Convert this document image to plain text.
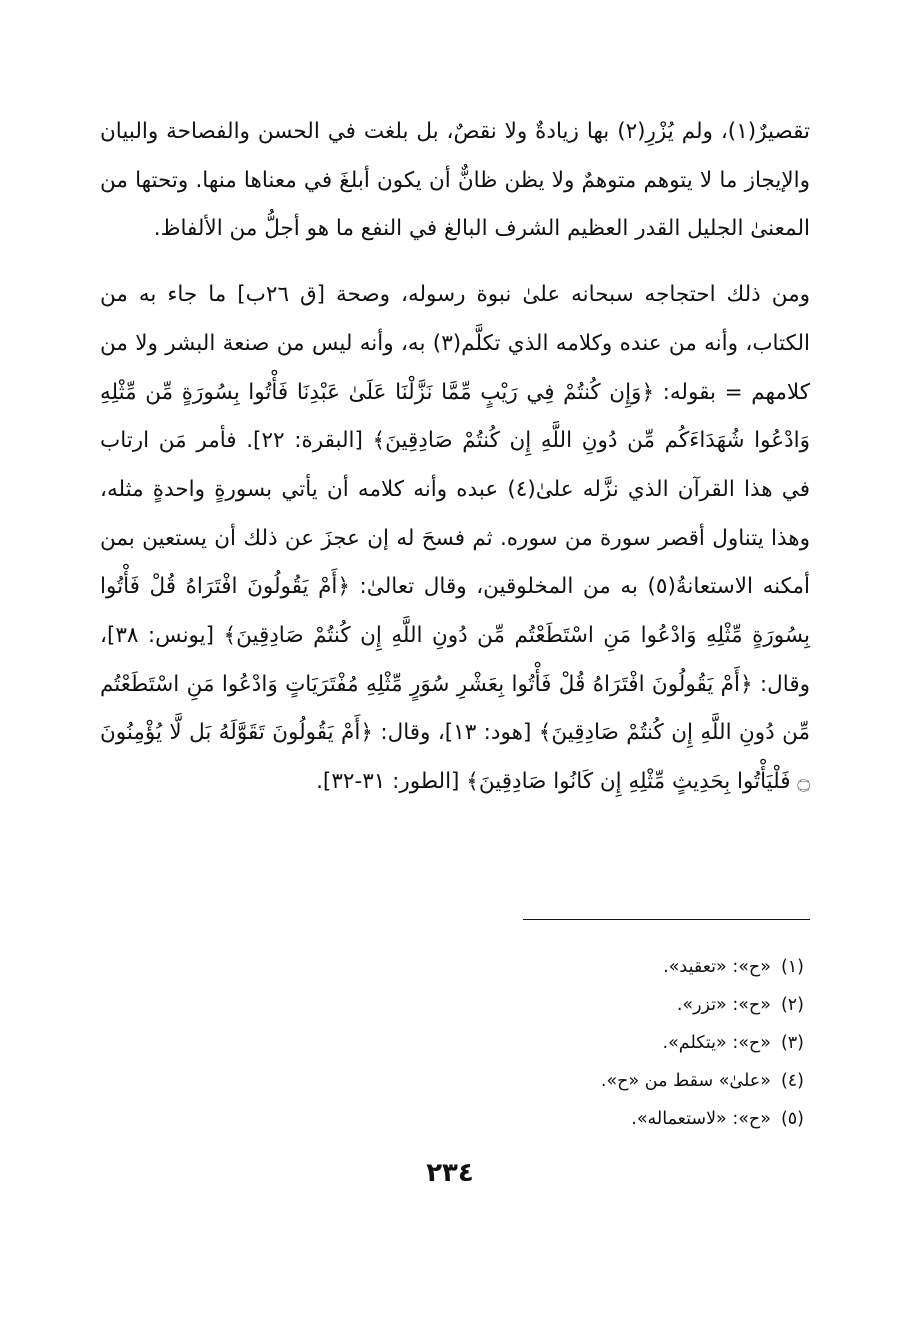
تقصيرٌ(١)، ولم يُزْرِ(٢) بها زيادةٌ ولا نقصٌ، بل بلغت في الحسن والفصاحة والبيان والإيجاز ما لا يتوهم متوهمٌ ولا يظن ظانٌّ أن يكون أبلغَ في معناها منها. وتحتها من المعنىٰ الجليل القدر العظيم الشرف البالغ في النفع ما هو أجلُّ من الألفاظ.

ومن ذلك احتجاجه سبحانه علىٰ نبوة رسوله، وصحة [ق ٢٦ب] ما جاء به من الكتاب، وأنه من عنده وكلامه الذي تكلَّم(٣) به، وأنه ليس من صنعة البشر ولا من كلامهم = بقوله: ﴿وَإِن كُنتُمْ فِي رَيْبٍ مِّمَّا نَزَّلْنَا عَلَىٰ عَبْدِنَا فَأْتُوا بِسُورَةٍ مِّن مِّثْلِهِ وَادْعُوا شُهَدَاءَكُم مِّن دُونِ اللَّهِ إِن كُنتُمْ صَادِقِينَ﴾ [البقرة: ٢٢]. فأمر مَن ارتاب في هذا القرآن الذي نزَّله علىٰ(٤) عبده وأنه كلامه أن يأتي بسورةٍ واحدةٍ مثله، وهذا يتناول أقصر سورة من سوره. ثم فسحَ له إن عجزَ عن ذلك أن يستعين بمن أمكنه الاستعانةُ(٥) به من المخلوقين، وقال تعالىٰ: ﴿أَمْ يَقُولُونَ افْتَرَاهُ قُلْ فَأْتُوا بِسُورَةٍ مِّثْلِهِ وَادْعُوا مَنِ اسْتَطَعْتُم مِّن دُونِ اللَّهِ إِن كُنتُمْ صَادِقِينَ﴾ [يونس: ٣٨]، وقال: ﴿أَمْ يَقُولُونَ افْتَرَاهُ قُلْ فَأْتُوا بِعَشْرِ سُوَرٍ مِّثْلِهِ مُفْتَرَيَاتٍ وَادْعُوا مَنِ اسْتَطَعْتُم مِّن دُونِ اللَّهِ إِن كُنتُمْ صَادِقِينَ﴾ [هود: ١٣]، وقال: ﴿أَمْ يَقُولُونَ تَقَوَّلَهُ بَل لَّا يُؤْمِنُونَ ۝ فَلْيَأْتُوا بِحَدِيثٍ مِّثْلِهِ إِن كَانُوا صَادِقِينَ﴾ [الطور: ٣١-٣٢].

(١)«ح»: «تعقيد».
(٢)«ح»: «تزر».
(٣)«ح»: «يتكلم».
(٤)«علىٰ» سقط من «ح».
(٥)«ح»: «لاستعماله».
٢٣٤
